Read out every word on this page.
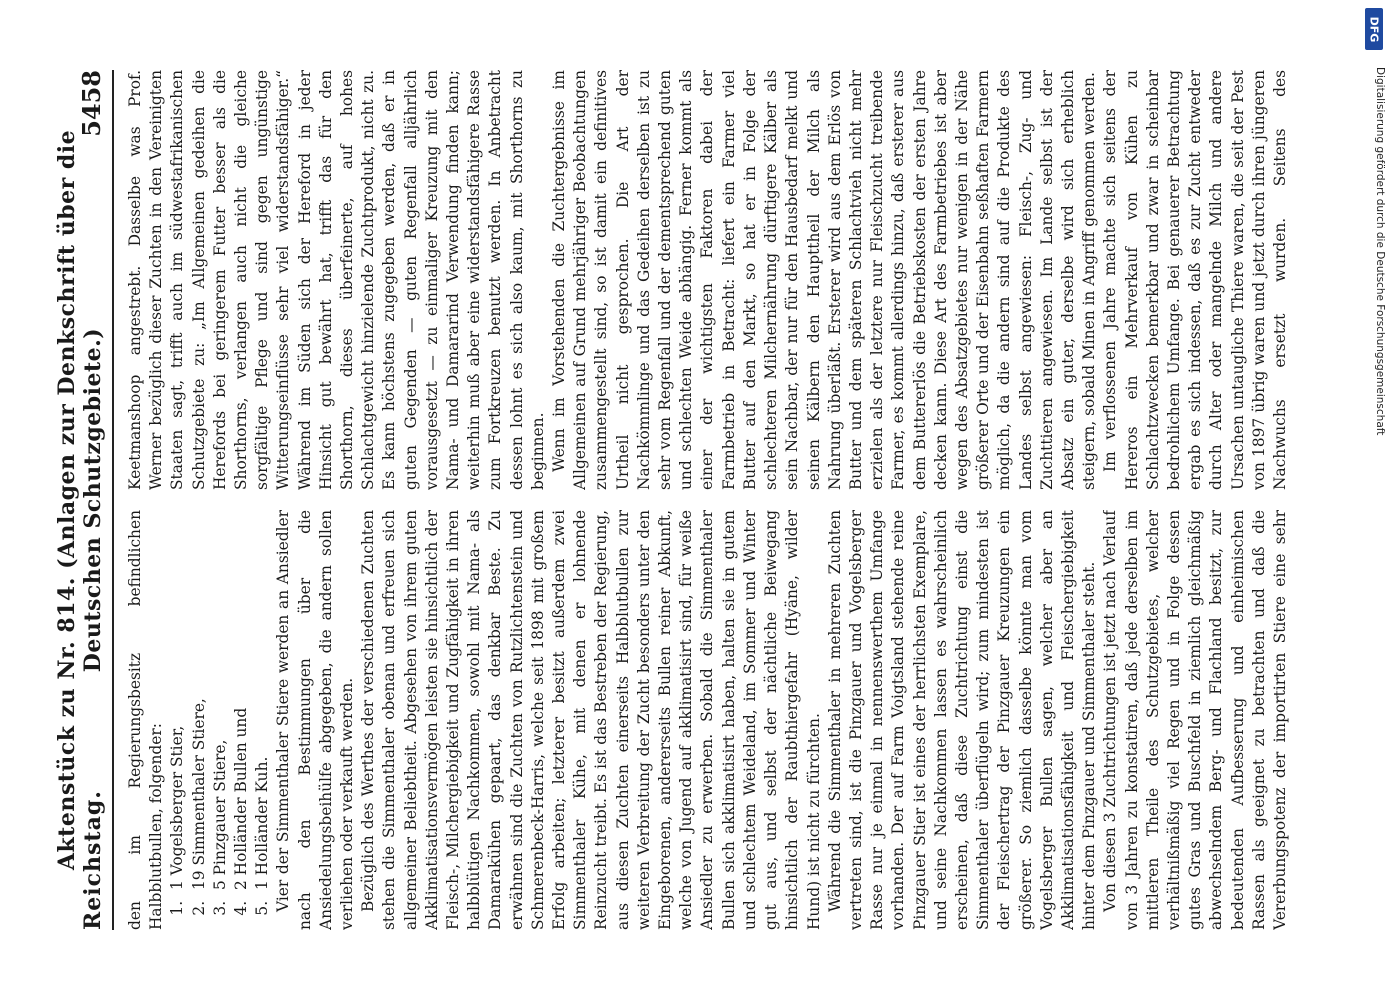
Reichstag.
Aktenstück zu Nr. 814. (Anlagen zur Denkschrift über die Deutschen Schutzgebiete.)
5458

den im Regierungsbesitz befindlichen Halbblutbullen, folgender: 1. 1 Vogelsberger Stier, 2. 19 Simmenthaler Stiere, 3. 5 Pinzgauer Stiere, 4. 2 Holländer Bullen und 5. 1 Holländer Kuh. Vier der Simmenthaler Stiere werden an Ansiedler nach den Bestimmungen über die Ansiedelungsbeihülfe abgegeben, die andern sollen verliehen oder verkauft werden. Bezüglich des Werthes der verschiedenen Zuchten stehen die Simmenthaler obenan und erfreuen sich allgemeiner Beliebtheit. Abgesehen von ihrem guten Akklimatisationsvermögen leisten sie hinsichtlich der Fleisch-, Milchergiebigkeit und Zugfähigkeit in ihren halbblütigen Nachkommen, sowohl mit Nama- als Damarakühen gepaart, das denkbar Beste. Zu erwähnen sind die Zuchten von Rutzlichtenstein und Schmerenbeck-Harris, welche seit 1898 mit großem Erfolg arbeiten; letzterer besitzt außerdem zwei Simmenthaler Kühe, mit denen er lohnende Reinzucht treibt. Es ist das Bestreben der Regierung, aus diesen Zuchten einerseits Halbblutbullen zur weiteren Verbreitung der Zucht besonders unter den Eingeborenen, andererseits Bullen reiner Abkunft, welche von Jugend auf akklimatisirt sind, für weiße Ansiedler zu erwerben. Sobald die Simmenthaler Bullen sich akklimatisirt haben, halten sie in gutem und schlechtem Weideland, im Sommer und Winter gut aus, und selbst der nächtliche Beiwegang hinsichtlich der Raubthiergefahr (Hyäne, wilder Hund) ist nicht zu fürchten. Während die Simmenthaler in mehreren Zuchten vertreten sind, ist die Pinzgauer und Vogelsberger Rasse nur je einmal in nennenswerthem Umfange vorhanden. Der auf Farm Voigtsland stehende reine Pinzgauer Stier ist eines der herrlichsten Exemplare, und seine Nachkommen lassen es wahrscheinlich erscheinen, daß diese Zuchtrichtung einst die Simmenthaler überflügeln wird; zum mindesten ist der Fleischertrag der Pinzgauer Kreuzungen ein größerer. So ziemlich dasselbe könnte man vom Vogelsberger Bullen sagen, welcher aber an Akklimatisationsfähigkeit und Fleischergiebigkeit hinter dem Pinzgauer und Simmenthaler steht. Von diesen 3 Zuchtrichtungen ist jetzt nach Verlauf von 3 Jahren zu konstatiren, daß jede derselben im mittleren Theile des Schutzgebietes, welcher verhältnißmäßig viel Regen und in Folge dessen gutes Gras und Buschfeld in ziemlich gleichmäßig abwechselndem Berg- und Flachland besitzt, zur bedeutenden Aufbesserung und einheimischen Rassen als geeignet zu betrachten und daß die Vererbungspotenz der importirten Stiere eine sehr

Keetmanshoop angestrebt. Dasselbe was Prof. Werner bezüglich dieser Zuchten in den Vereinigten Staaten sagt, trifft auch im südwestafrikanischen Schutzgebiete zu: „Im Allgemeinen gedeihen die Herefords bei geringerem Futter besser als die Shorthorns, verlangen auch nicht die gleiche sorgfältige Pflege und sind gegen ungünstige Witterungseinflüsse sehr viel widerstandsfähiger.“ Während im Süden sich der Hereford in jeder Hinsicht gut bewährt hat, trifft das für den Shorthorn, dieses überfeinerte, auf hohes Schlachtgewicht hinzielende Zuchtprodukt, nicht zu. Es kann höchstens zugegeben werden, daß er in guten Gegenden — guten Regenfall alljährlich vorausgesetzt — zu einmaliger Kreuzung mit den Nama- und Damararind Verwendung finden kann; weiterhin muß aber eine widerstandsfähigere Rasse zum Fortkreuzen benutzt werden. In Anbetracht dessen lohnt es sich also kaum, mit Shorthorns zu beginnen. Wenn im Vorstehenden die Zuchtergebnisse im Allgemeinen auf Grund mehrjähriger Beobachtungen zusammengestellt sind, so ist damit ein definitives Urtheil nicht gesprochen. Die Art der Nachkömmlinge und das Gedeihen derselben ist zu sehr vom Regenfall und der dementsprechend guten und schlechten Weide abhängig. Ferner kommt als einer der wichtigsten Faktoren dabei der Farmbetrieb in Betracht: liefert ein Farmer viel Butter auf den Markt, so hat er in Folge der schlechteren Milchernährung dürftigere Kälber als sein Nachbar, der nur für den Hausbedarf melkt und seinen Kälbern den Haupttheil der Milch als Nahrung überläßt. Ersterer wird aus dem Erlös von Butter und dem späteren Schlachtvieh nicht mehr erzielen als der letztere nur Fleischzucht treibende Farmer, es kommt allerdings hinzu, daß ersterer aus dem Buttererlös die Betriebskosten der ersten Jahre decken kann. Diese Art des Farmbetriebes ist aber wegen des Absatzgebietes nur wenigen in der Nähe größerer Orte und der Eisenbahn seßhaften Farmern möglich, da die andern sind auf die Produkte des Landes selbst angewiesen: Fleisch-, Zug- und Zuchttieren angewiesen. Im Lande selbst ist der Absatz ein guter, derselbe wird sich erheblich steigern, sobald Minen in Angriff genommen werden. Im verflossenen Jahre machte sich seitens der Hereros ein Mehrverkauf von Kühen zu Schlachtzwecken bemerkbar und zwar in scheinbar bedrohlichem Umfange. Bei genauerer Betrachtung ergab es sich indessen, daß es zur Zucht entweder durch Alter oder mangelnde Milch und andere Ursachen untaugliche Thiere waren, die seit der Pest von 1897 übrig waren und jetzt durch ihren jüngeren Nachwuchs ersetzt wurden. Seitens des

DFG
Digitalisierung gefördert durch die Deutsche Forschungsgemeinschaft
